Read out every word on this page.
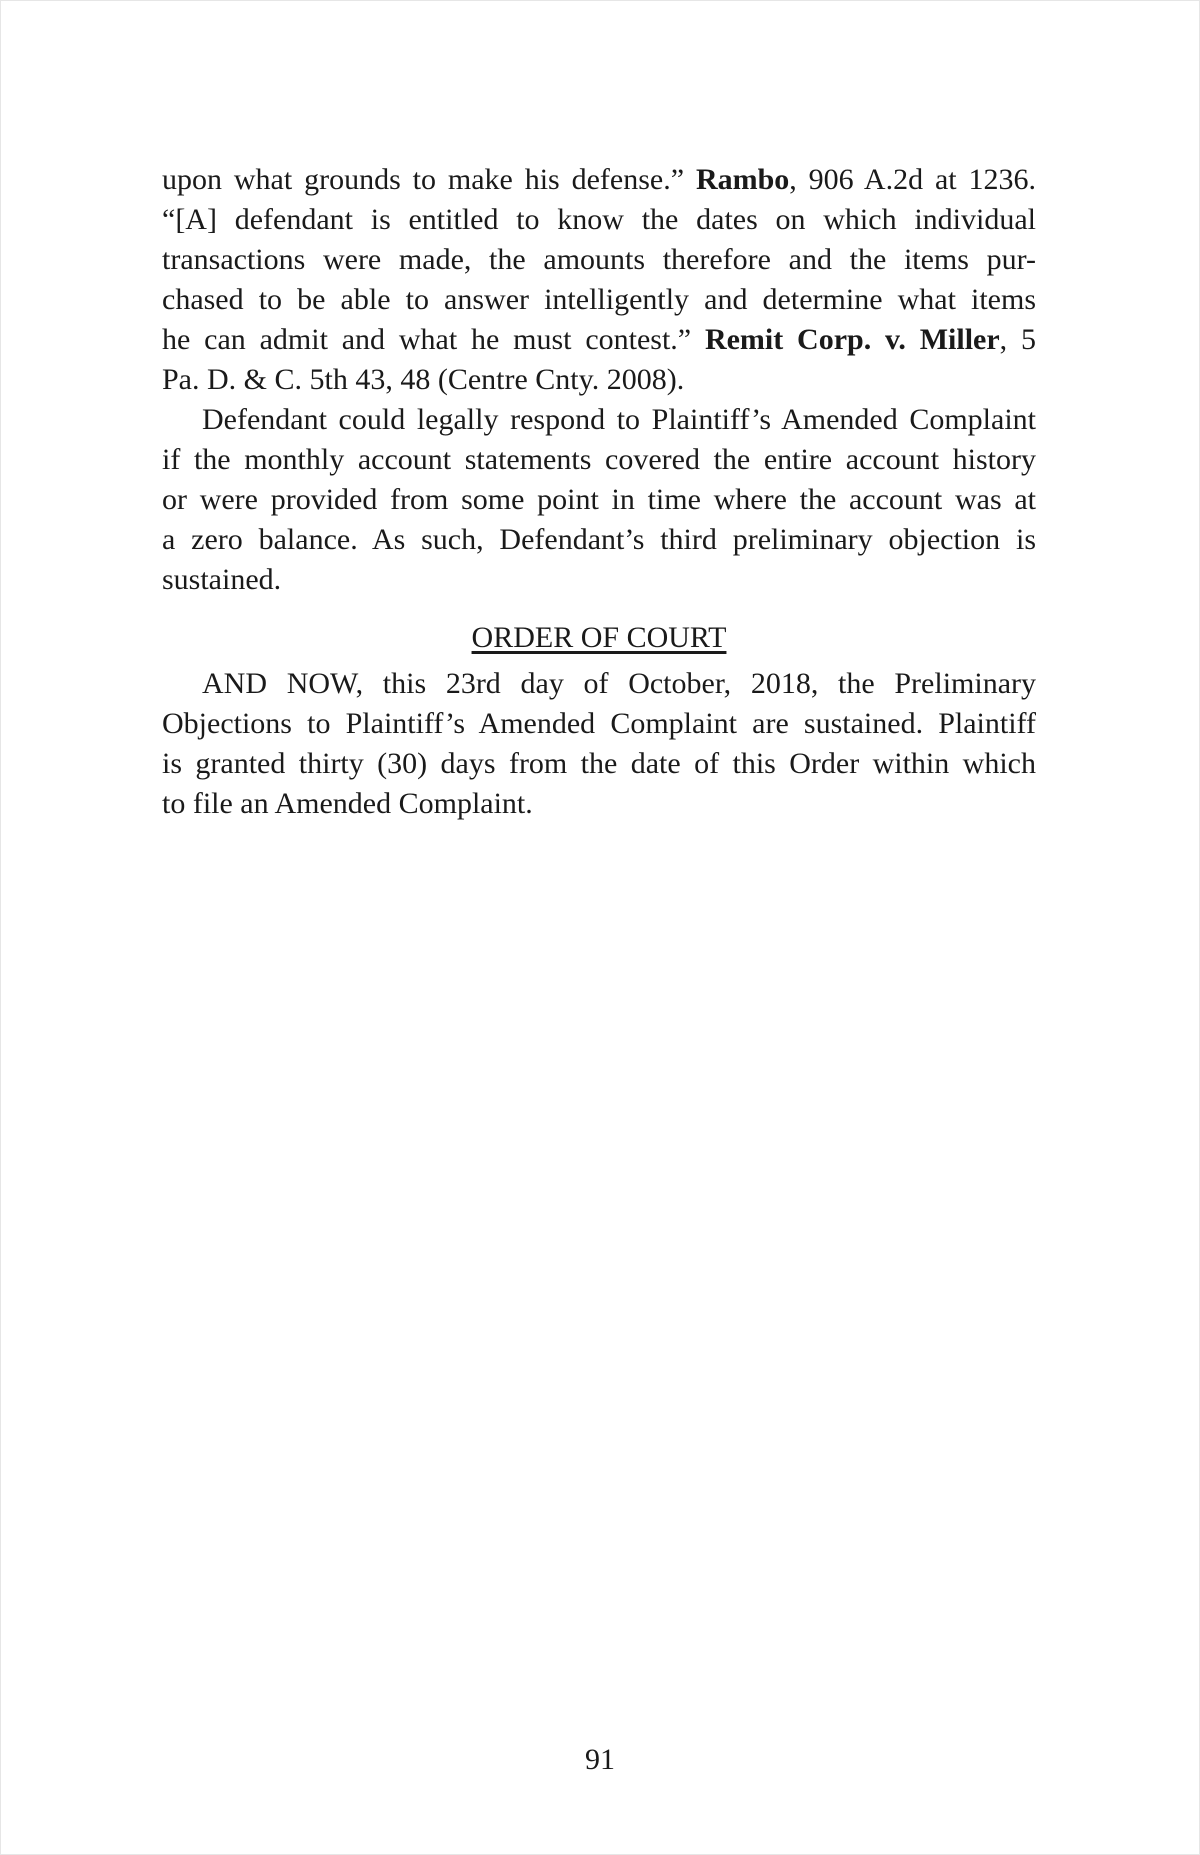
upon what grounds to make his defense.” Rambo, 906 A.2d at 1236.
“[A] defendant is entitled to know the dates on which individual
transactions were made, the amounts therefore and the items pur-
chased to be able to answer intelligently and determine what items
he can admit and what he must contest.” Remit Corp. v. Miller, 5
Pa. D. & C. 5th 43, 48 (Centre Cnty. 2008).
Defendant could legally respond to Plaintiff’s Amended Complaint
if the monthly account statements covered the entire account history
or were provided from some point in time where the account was at
a zero balance. As such, Defendant’s third preliminary objection is
sustained.

ORDER OF COURT

AND NOW, this 23rd day of October, 2018, the Preliminary
Objections to Plaintiff’s Amended Complaint are sustained. Plaintiff
is granted thirty (30) days from the date of this Order within which
to file an Amended Complaint.
91
